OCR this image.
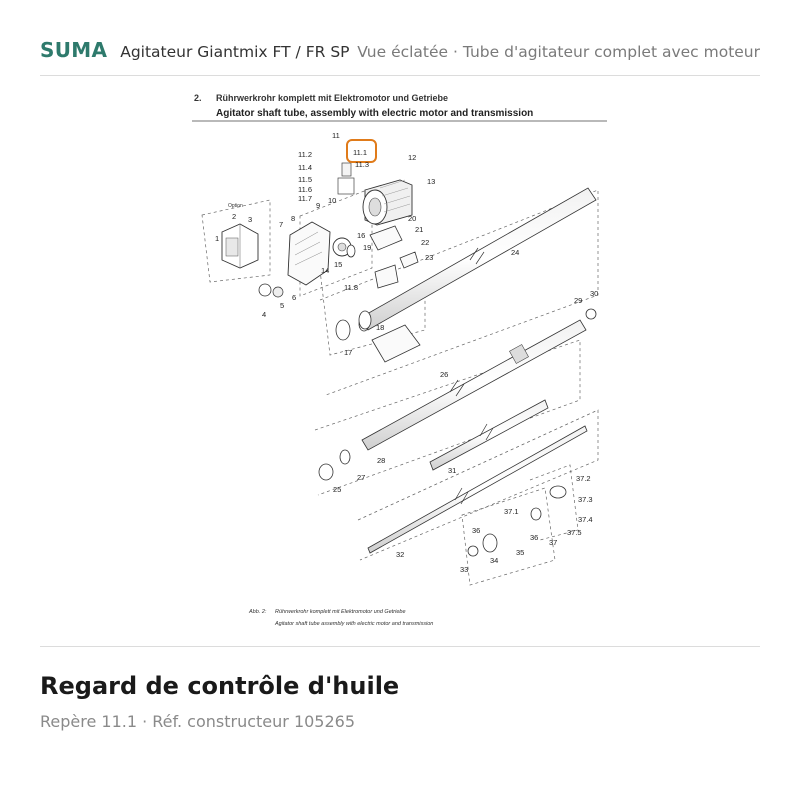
SUMA Agitateur Giantmix FT / FR SP Vue éclatée · Tube d'agitateur complet avec moteur
2. Rührwerkrohr komplett mit Elektromotor und Getriebe
Agitator shaft tube, assembly with electric motor and transmission
Option
1
2 3
4
5
6
7
8
9
10
11
11.2
11.3
11.4
11.5
11.6
11.7
11.8
12
13
14
15
16
17
18
19
20
21
22
23
24
25
26
27
28
29
30
31
32
33
34
35
36
36
37
37.1
37.2
37.3
37.4
37.5
11.1
Abb. 2: Rührwerkrohr komplett mit Elektromotor und Getriebe
Agitator shaft tube assembly with electric motor and transmission
Regard de contrôle d'huile
Repère 11.1 · Réf. constructeur 105265
